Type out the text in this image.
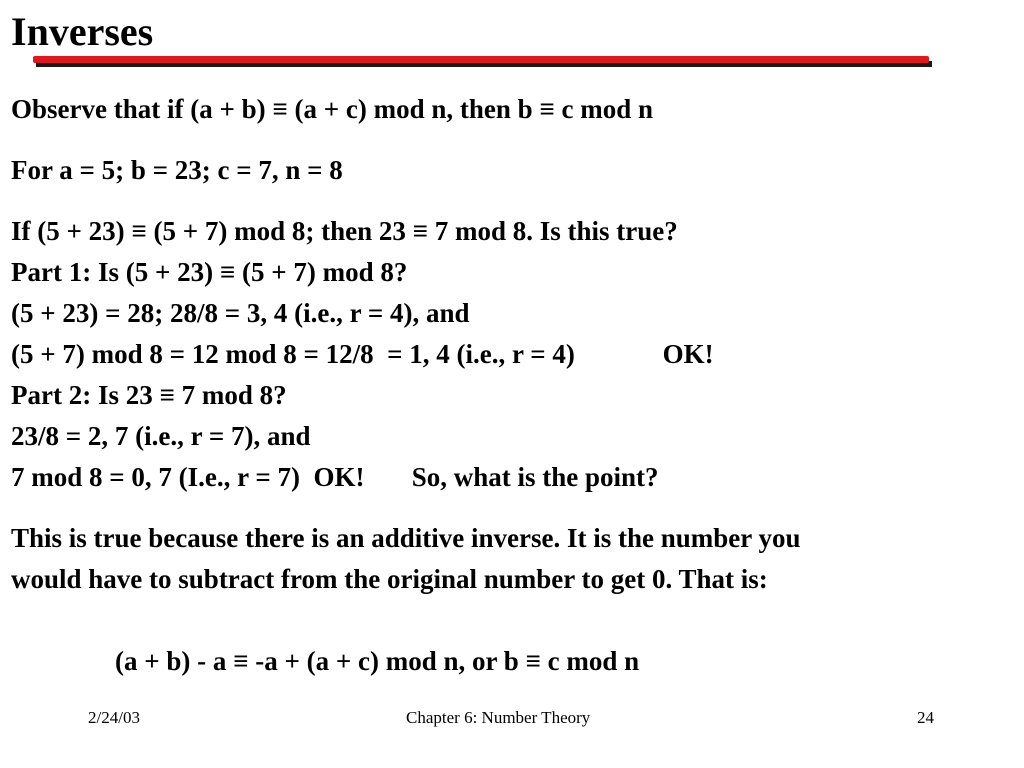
Inverses
Observe that if (a + b) ≡ (a + c) mod n, then b ≡ c mod n
For a = 5; b = 23; c = 7, n = 8
If (5 + 23) ≡ (5 + 7) mod 8; then 23 ≡ 7 mod 8. Is this true?
Part 1: Is (5 + 23) ≡ (5 + 7) mod 8?
(5 + 23) = 28; 28/8 = 3, 4 (i.e., r = 4), and
(5 + 7) mod 8 = 12 mod 8 = 12/8  = 1, 4 (i.e., r = 4)             OK!
Part 2: Is 23 ≡ 7 mod 8?
23/8 = 2, 7 (i.e., r = 7), and
7 mod 8 = 0, 7 (I.e., r = 7)  OK!       So, what is the point?
This is true because there is an additive inverse. It is the number you
would have to subtract from the original number to get 0. That is:
(a + b) - a ≡ -a + (a + c) mod n, or b ≡ c mod n
2/24/03	Chapter 6: Number Theory	24
